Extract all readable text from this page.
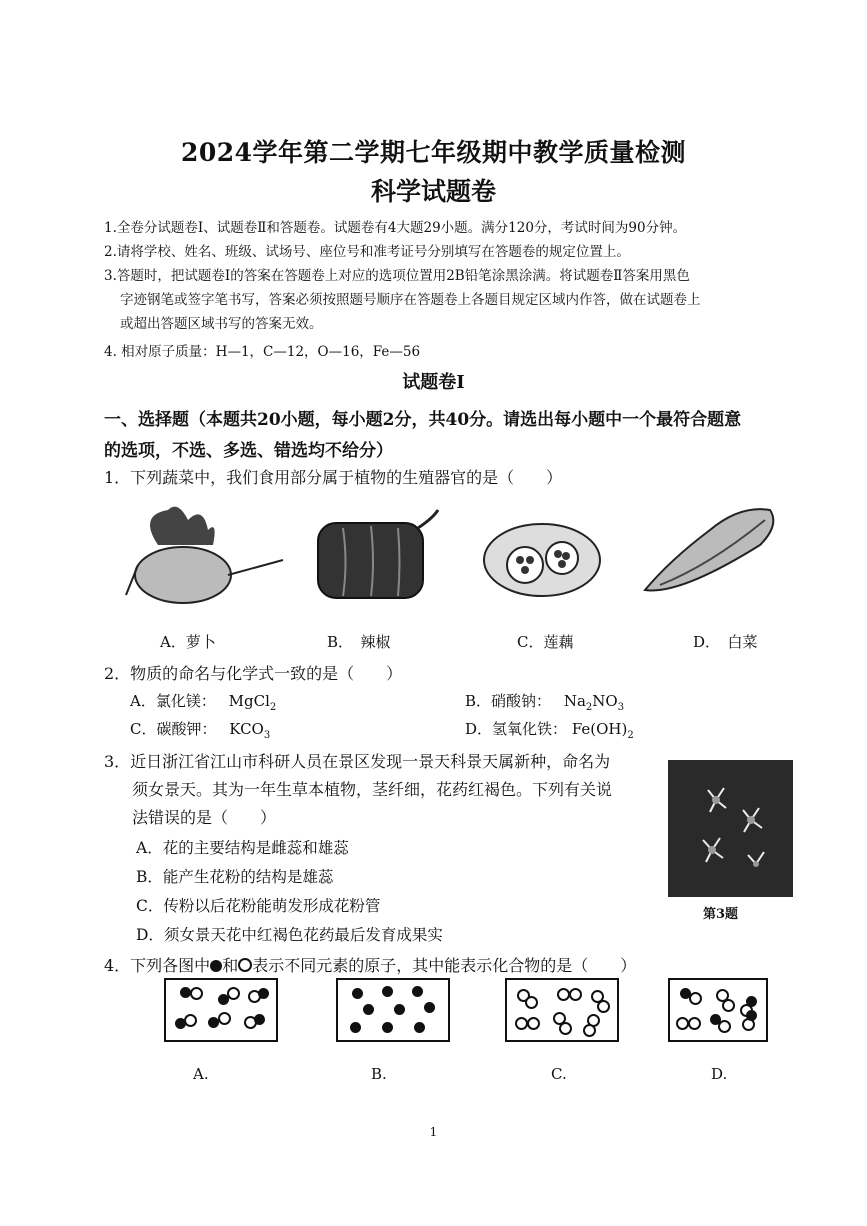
2024学年第二学期七年级期中教学质量检测
科学试题卷
1.全卷分试题卷Ⅰ、试题卷Ⅱ和答题卷。试题卷有4大题29小题。满分120分，考试时间为90分钟。
2.请将学校、姓名、班级、试场号、座位号和准考证号分别填写在答题卷的规定位置上。
3.答题时，把试题卷Ⅰ的答案在答题卷上对应的选项位置用2B铅笔涂黑涂满。将试题卷Ⅱ答案用黑色
字迹钢笔或签字笔书写，答案必须按照题号顺序在答题卷上各题目规定区域内作答，做在试题卷上
或超出答题区域书写的答案无效。
4. 相对原子质量：H—1，C—12，O—16，Fe—56
试题卷Ⅰ
一、选择题（本题共20小题，每小题2分，共40分。请选出每小题中一个最符合题意
的选项，不选、多选、错选均不给分）
1．下列蔬菜中，我们食用部分属于植物的生殖器官的是（　　）
A．萝卜	B．　辣椒	C．莲藕	D．　白菜
2．物质的命名与化学式一致的是（　　）
A．氯化镁： MgCl$_2$	B．硝酸钠： $Na_2NO_3$
C．碳酸钾： $KCO_3$	D．氢氧化铁： $Fe(OH)_2$
3．近日浙江省江山市科研人员在景区发现一景天科景天属新种，命名为
须女景天。其为一年生草本植物，茎纤细，花药红褐色。下列有关说
法错误的是（　　）
A．花的主要结构是雌蕊和雄蕊
B．能产生花粉的结构是雄蕊
C．传粉以后花粉能萌发形成花粉管
D．须女景天花中红褐色花药最后发育成果实
第3题
4．下列各图中 和 表示不同元素的原子，其中能表示化合物的是（　　）
A.	B.	C.	D.
1
